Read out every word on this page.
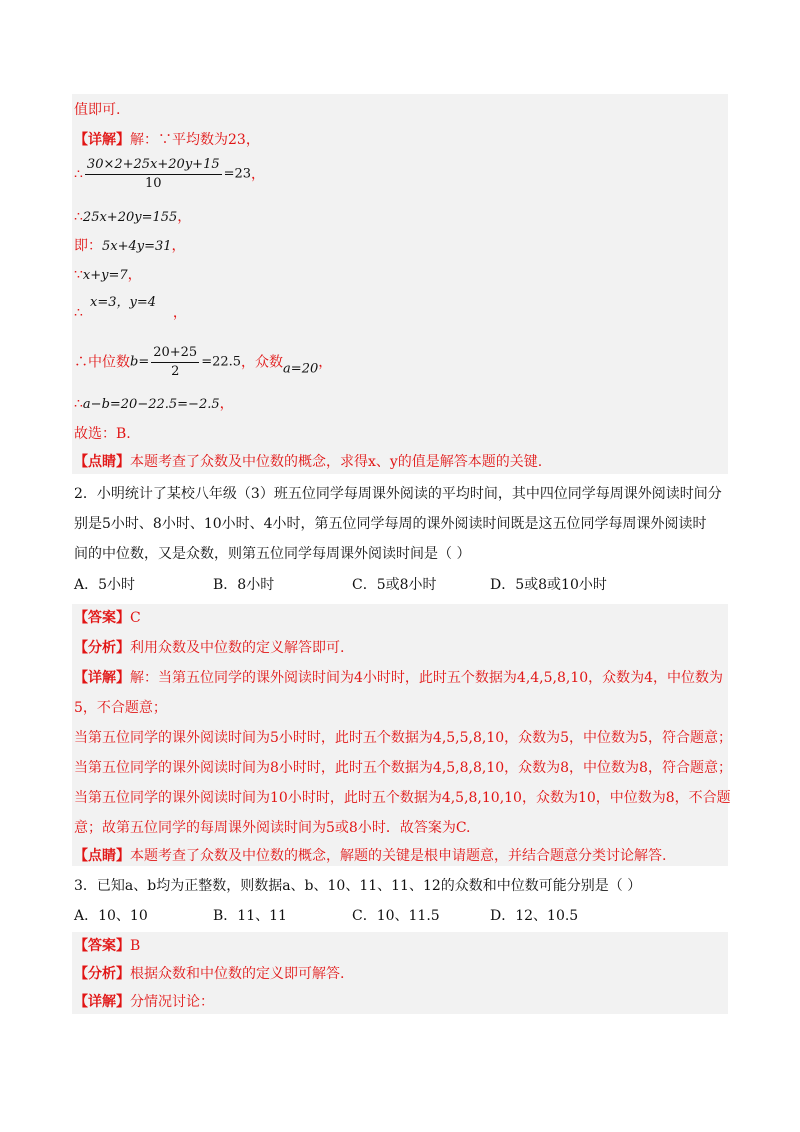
值即可.
【详解】解：∵平均数为23，
∴ $\frac{30\times 2+25x+20y+15}{10} =23$，
∴25x+20y=155，
即：5x+4y=31，
∵x+y=7，
x=3，y=4
∴	，
∴中位数$b= \frac{20+25}{2} =22.5$，众数a=20，
∴a−b=20−22.5=−2.5，
故选：B.
【点睛】本题考查了众数及中位数的概念，求得x、y的值是解答本题的关键.
2．小明统计了某校八年级（3）班五位同学每周课外阅读的平均时间，其中四位同学每周课外阅读时间分
别是5小时、8小时、10小时、4小时，第五位同学每周的课外阅读时间既是这五位同学每周课外阅读时
间的中位数，又是众数，则第五位同学每周课外阅读时间是（ ）
A．5小时	B．8小时	C．5或8小时	D．5或8或10小时
【答案】C
【分析】利用众数及中位数的定义解答即可.
【详解】解：当第五位同学的课外阅读时间为4小时时，此时五个数据为4,4,5,8,10，众数为4，中位数为
5，不合题意；
当第五位同学的课外阅读时间为5小时时，此时五个数据为4,5,5,8,10，众数为5，中位数为5，符合题意；
当第五位同学的课外阅读时间为8小时时，此时五个数据为4,5,8,8,10，众数为8，中位数为8，符合题意；
当第五位同学的课外阅读时间为10小时时，此时五个数据为4,5,8,10,10，众数为10，中位数为8，不合题
意；故第五位同学的每周课外阅读时间为5或8小时．故答案为C.
【点睛】本题考查了众数及中位数的概念，解题的关键是根申请题意，并结合题意分类讨论解答.
3．已知a、b均为正整数，则数据a、b、10、11、11、12的众数和中位数可能分别是（ ）
A．10、10	B．11、11	C．10、11.5	D．12、10.5
【答案】B
【分析】根据众数和中位数的定义即可解答.
【详解】分情况讨论：
